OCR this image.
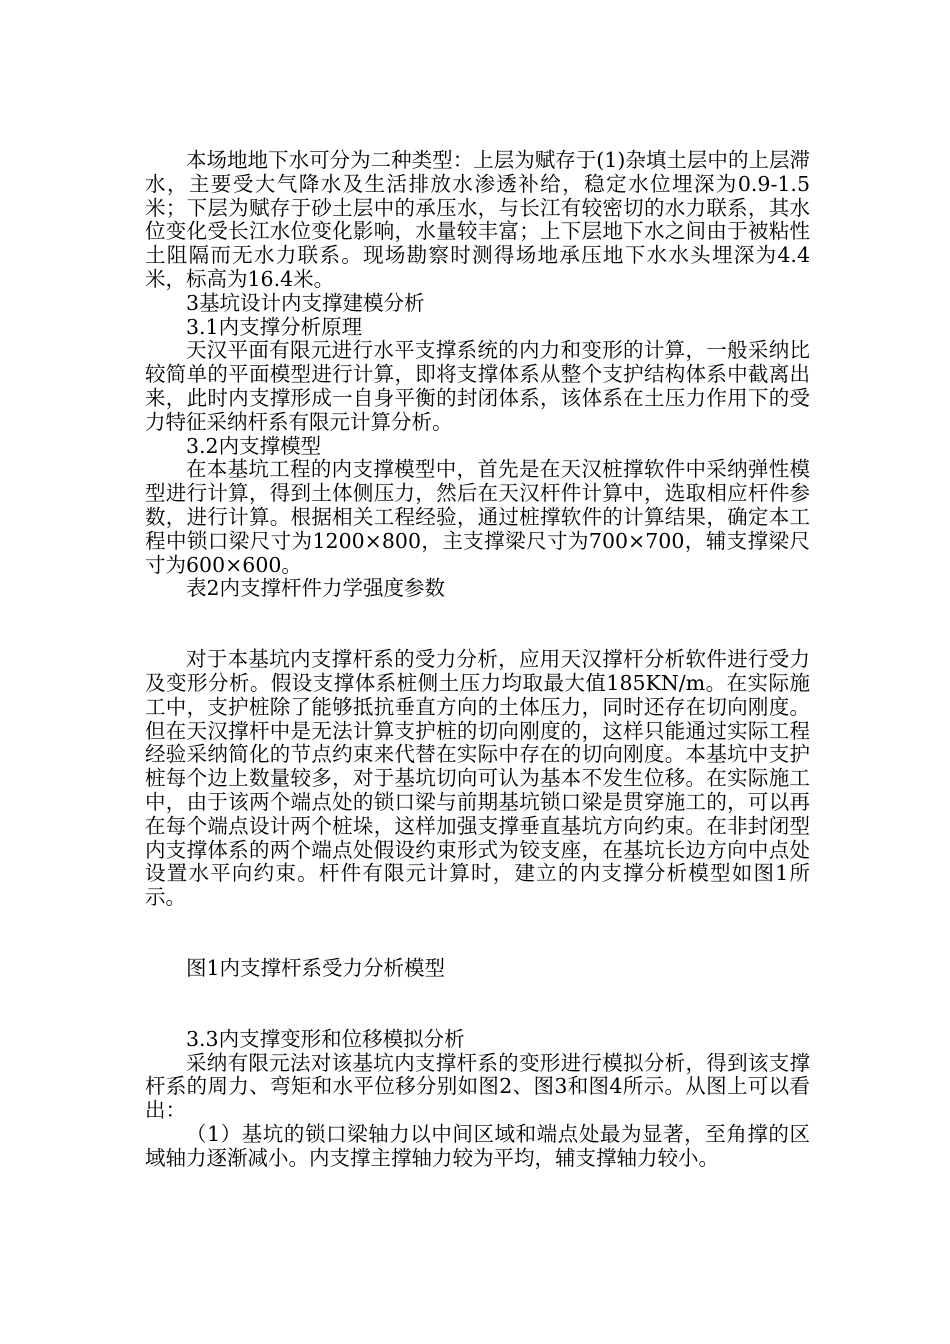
本场地地下水可分为二种类型：上层为赋存于(1)杂填土层中的上层滞水，主要受大气降水及生活排放水渗透补给，稳定水位埋深为0.9-1.5米；下层为赋存于砂土层中的承压水，与长江有较密切的水力联系，其水位变化受长江水位变化影响，水量较丰富；上下层地下水之间由于被粘性土阻隔而无水力联系。现场勘察时测得场地承压地下水水头埋深为4.4米，标高为16.4米。

3基坑设计内支撑建模分析

3.1内支撑分析原理

天汉平面有限元进行水平支撑系统的内力和变形的计算，一般采纳比较简单的平面模型进行计算，即将支撑体系从整个支护结构体系中截离出来，此时内支撑形成一自身平衡的封闭体系，该体系在土压力作用下的受力特征采纳杆系有限元计算分析。

3.2内支撑模型

在本基坑工程的内支撑模型中，首先是在天汉桩撑软件中采纳弹性模型进行计算，得到土体侧压力，然后在天汉杆件计算中，选取相应杆件参数，进行计算。根据相关工程经验，通过桩撑软件的计算结果，确定本工程中锁口梁尺寸为1200×800，主支撑梁尺寸为700×700，辅支撑梁尺寸为600×600。

表2内支撑杆件力学强度参数

对于本基坑内支撑杆系的受力分析，应用天汉撑杆分析软件进行受力及变形分析。假设支撑体系桩侧土压力均取最大值185KN/m。在实际施工中，支护桩除了能够抵抗垂直方向的土体压力，同时还存在切向刚度。但在天汉撑杆中是无法计算支护桩的切向刚度的，这样只能通过实际工程经验采纳简化的节点约束来代替在实际中存在的切向刚度。本基坑中支护桩每个边上数量较多，对于基坑切向可认为基本不发生位移。在实际施工中，由于该两个端点处的锁口梁与前期基坑锁口梁是贯穿施工的，可以再在每个端点设计两个桩垛，这样加强支撑垂直基坑方向约束。在非封闭型内支撑体系的两个端点处假设约束形式为铰支座，在基坑长边方向中点处设置水平向约束。杆件有限元计算时，建立的内支撑分析模型如图1所示。

图1内支撑杆系受力分析模型

3.3内支撑变形和位移模拟分析

采纳有限元法对该基坑内支撑杆系的变形进行模拟分析，得到该支撑杆系的周力、弯矩和水平位移分别如图2、图3和图4所示。从图上可以看出：

（1）基坑的锁口梁轴力以中间区域和端点处最为显著，至角撑的区域轴力逐渐减小。内支撑主撑轴力较为平均，辅支撑轴力较小。
